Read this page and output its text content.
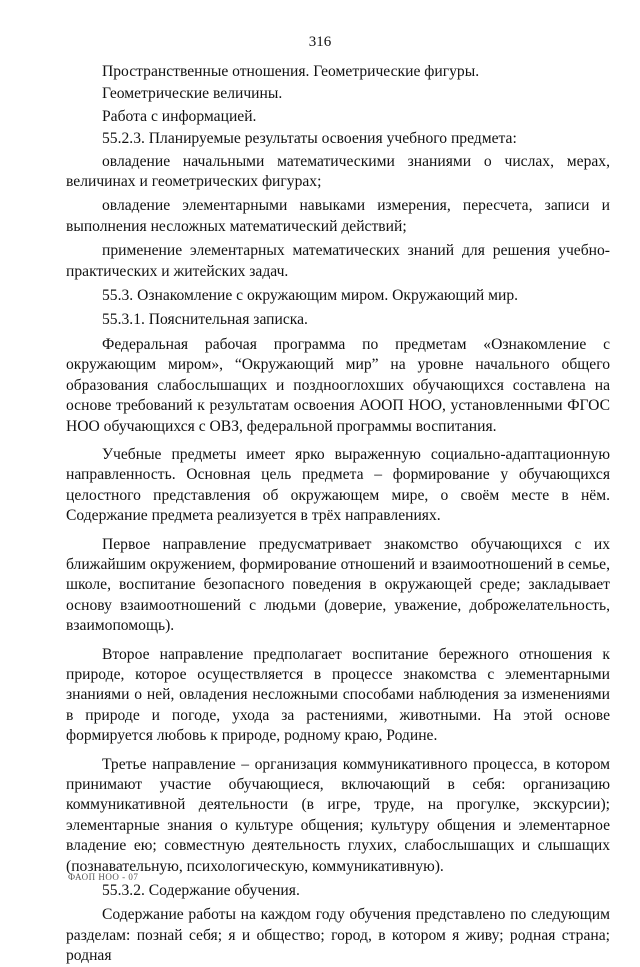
316

Пространственные отношения. Геометрические фигуры.

Геометрические величины.

Работа с информацией.

55.2.3. Планируемые результаты освоения учебного предмета:

овладение начальными математическими знаниями о числах, мерах, величинах и геометрических фигурах;

овладение элементарными навыками измерения, пересчета, записи и выполнения несложных математический действий;

применение элементарных математических знаний для решения учебно-практических и житейских задач.

55.3. Ознакомление с окружающим миром. Окружающий мир.

55.3.1. Пояснительная записка.

Федеральная рабочая программа по предметам «Ознакомление с окружающим миром», “Окружающий мир” на уровне начального общего образования слабослышащих и позднооглохших обучающихся составлена на основе требований к результатам освоения АООП НОО, установленными ФГОС НОО обучающихся с ОВЗ, федеральной программы воспитания.

Учебные предметы имеет ярко выраженную социально-адаптационную направленность. Основная цель предмета – формирование у обучающихся целостного представления об окружающем мире, о своём месте в нём. Содержание предмета реализуется в трёх направлениях.

Первое направление предусматривает знакомство обучающихся с их ближайшим окружением, формирование отношений и взаимоотношений в семье, школе, воспитание безопасного поведения в окружающей среде; закладывает основу взаимоотношений с людьми (доверие, уважение, доброжелательность, взаимопомощь).

Второе направление предполагает воспитание бережного отношения к природе, которое осуществляется в процессе знакомства с элементарными знаниями о ней, овладения несложными способами наблюдения за изменениями в природе и погоде, ухода за растениями, животными. На этой основе формируется любовь к природе, родному краю, Родине.

Третье направление – организация коммуникативного процесса, в котором принимают участие обучающиеся, включающий в себя: организацию коммуникативной деятельности (в игре, труде, на прогулке, экскурсии); элементарные знания о культуре общения; культуру общения и элементарное владение ею; совместную деятельность глухих, слабослышащих и слышащих (познавательную, психологическую, коммуникативную).

55.3.2. Содержание обучения.

Содержание работы на каждом году обучения представлено по следующим разделам: познай себя; я и общество; город, в котором я живу; родная страна; родная

ФАОП НОО - 07
